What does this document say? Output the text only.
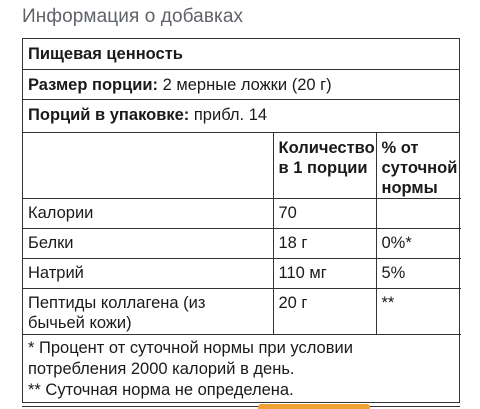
Информация о добавках
Пищевая ценность
Размер порции: 2 мерные ложки (20 г)
Порций в упаковке: прибл. 14
	Количество в 1 порции	% от суточной нормы
Калории	70	
Белки	18 г	0%*
Натрий	110 мг	5%
Пептиды коллагена (из бычьей кожи)	20 г	**
* Процент от суточной нормы при условии потребления 2000 калорий в день.
** Суточная норма не определена.
